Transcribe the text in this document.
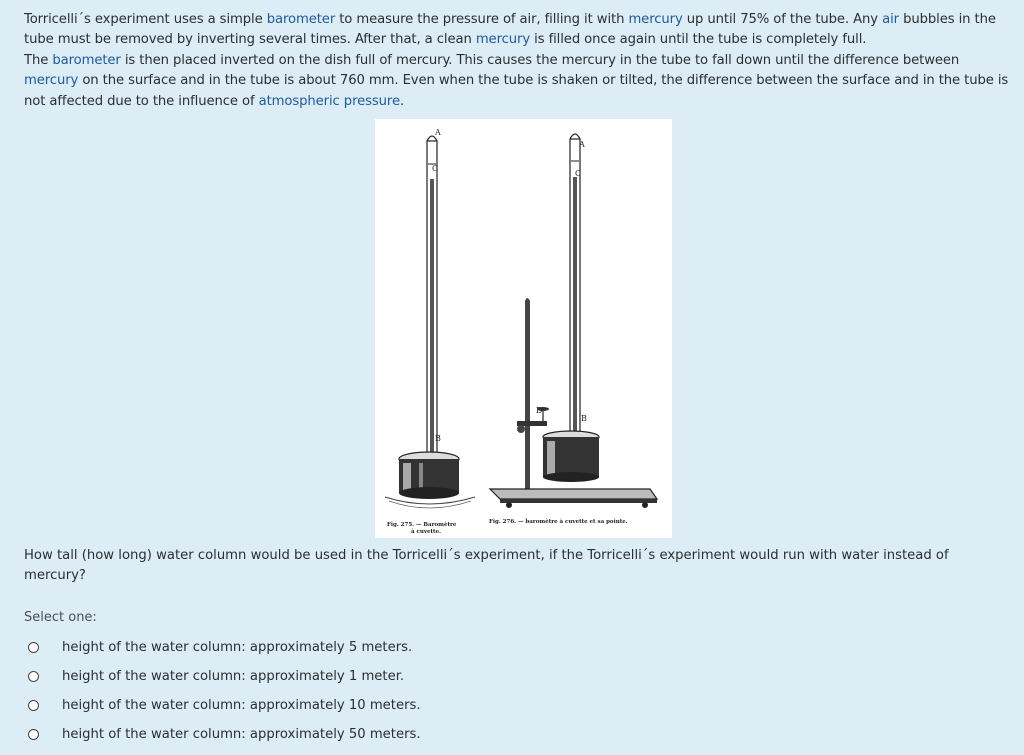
Torricelli´s experiment uses a simple barometer to measure the pressure of air, filling it with mercury up until 75% of the tube. Any air bubbles in the tube must be removed by inverting several times. After that, a clean mercury is filled once again until the tube is completely full.

The barometer is then placed inverted on the dish full of mercury. This causes the mercury in the tube to fall down until the difference between mercury on the surface and in the tube is about 760 mm. Even when the tube is shaken or tilted, the difference between the surface and in the tube is not affected due to the influence of atmospheric pressure.

A
C
B
A
C
D
B
Fig. 275. — Baromètre
à cuvette.
Fig. 276. — baromètre à cuvette et sa pointe.
How tall (how long) water column would be used in the Torricelli´s experiment, if the Torricelli´s experiment would run with water instead of mercury?
Select one:
height of the water column: approximately 5 meters.
height of the water column: approximately 1 meter.
height of the water column: approximately 10 meters.
height of the water column: approximately 50 meters.
